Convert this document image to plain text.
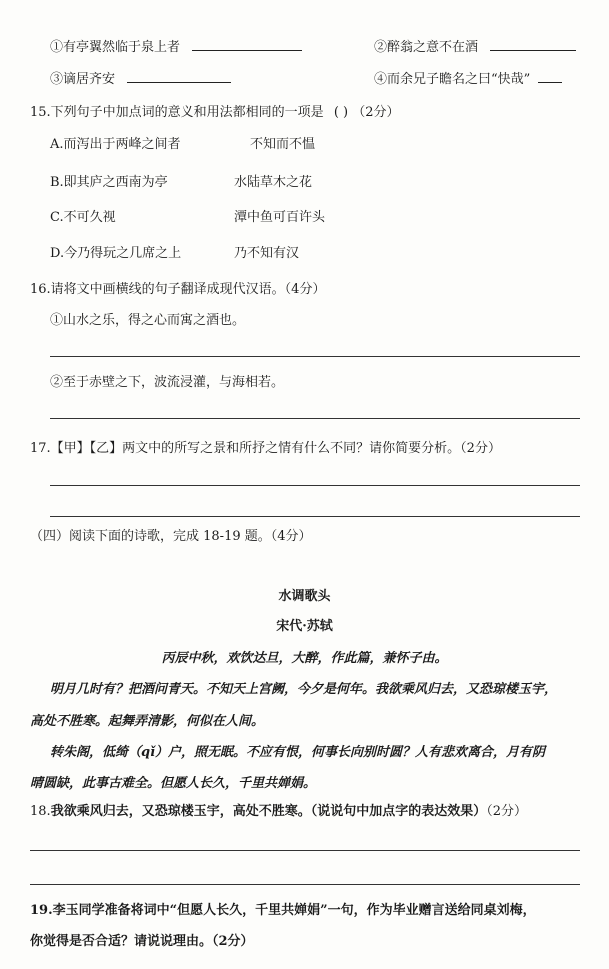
①有亭翼然临于泉上者	②醉翁之意不在酒
③谪居齐安	④而余兄子瞻名之曰“快哉”
15.下列句子中加点词的意义和用法都相同的一项是 ( ) （2分）
A.而泻出于两峰之间者	不知而不愠
B.即其庐之西南为亭	水陆草木之花
C.不可久视	潭中鱼可百许头
D.今乃得玩之几席之上	乃不知有汉
16.请将文中画横线的句子翻译成现代汉语。（4分）
①山水之乐，得之心而寓之酒也。
②至于赤壁之下，波流浸灌，与海相若。
17.【甲】【乙】两文中的所写之景和所抒之情有什么不同？请你简要分析。（2分）
（四）阅读下面的诗歌，完成 18-19 题。（4分）
水调歌头
宋代·苏轼
丙辰中秋，欢饮达旦，大醉，作此篇，兼怀子由。
明月几时有？把酒问青天。不知天上宫阙，今夕是何年。我欲乘风归去，又恐琼楼玉宇，
高处不胜寒。起舞弄清影，何似在人间。
转朱阁，低绮（qǐ）户，照无眠。不应有恨，何事长向别时圆？人有悲欢离合，月有阴
晴圆缺，此事古难全。但愿人长久，千里共婵娟。
18.我欲乘风归去，又恐琼楼玉宇，高处不胜寒。（说说句中加点字的表达效果）（2分）
19.李玉同学准备将词中“但愿人长久，千里共婵娟”一句，作为毕业赠言送给同桌刘梅，
你觉得是否合适？请说说理由。（2分）
